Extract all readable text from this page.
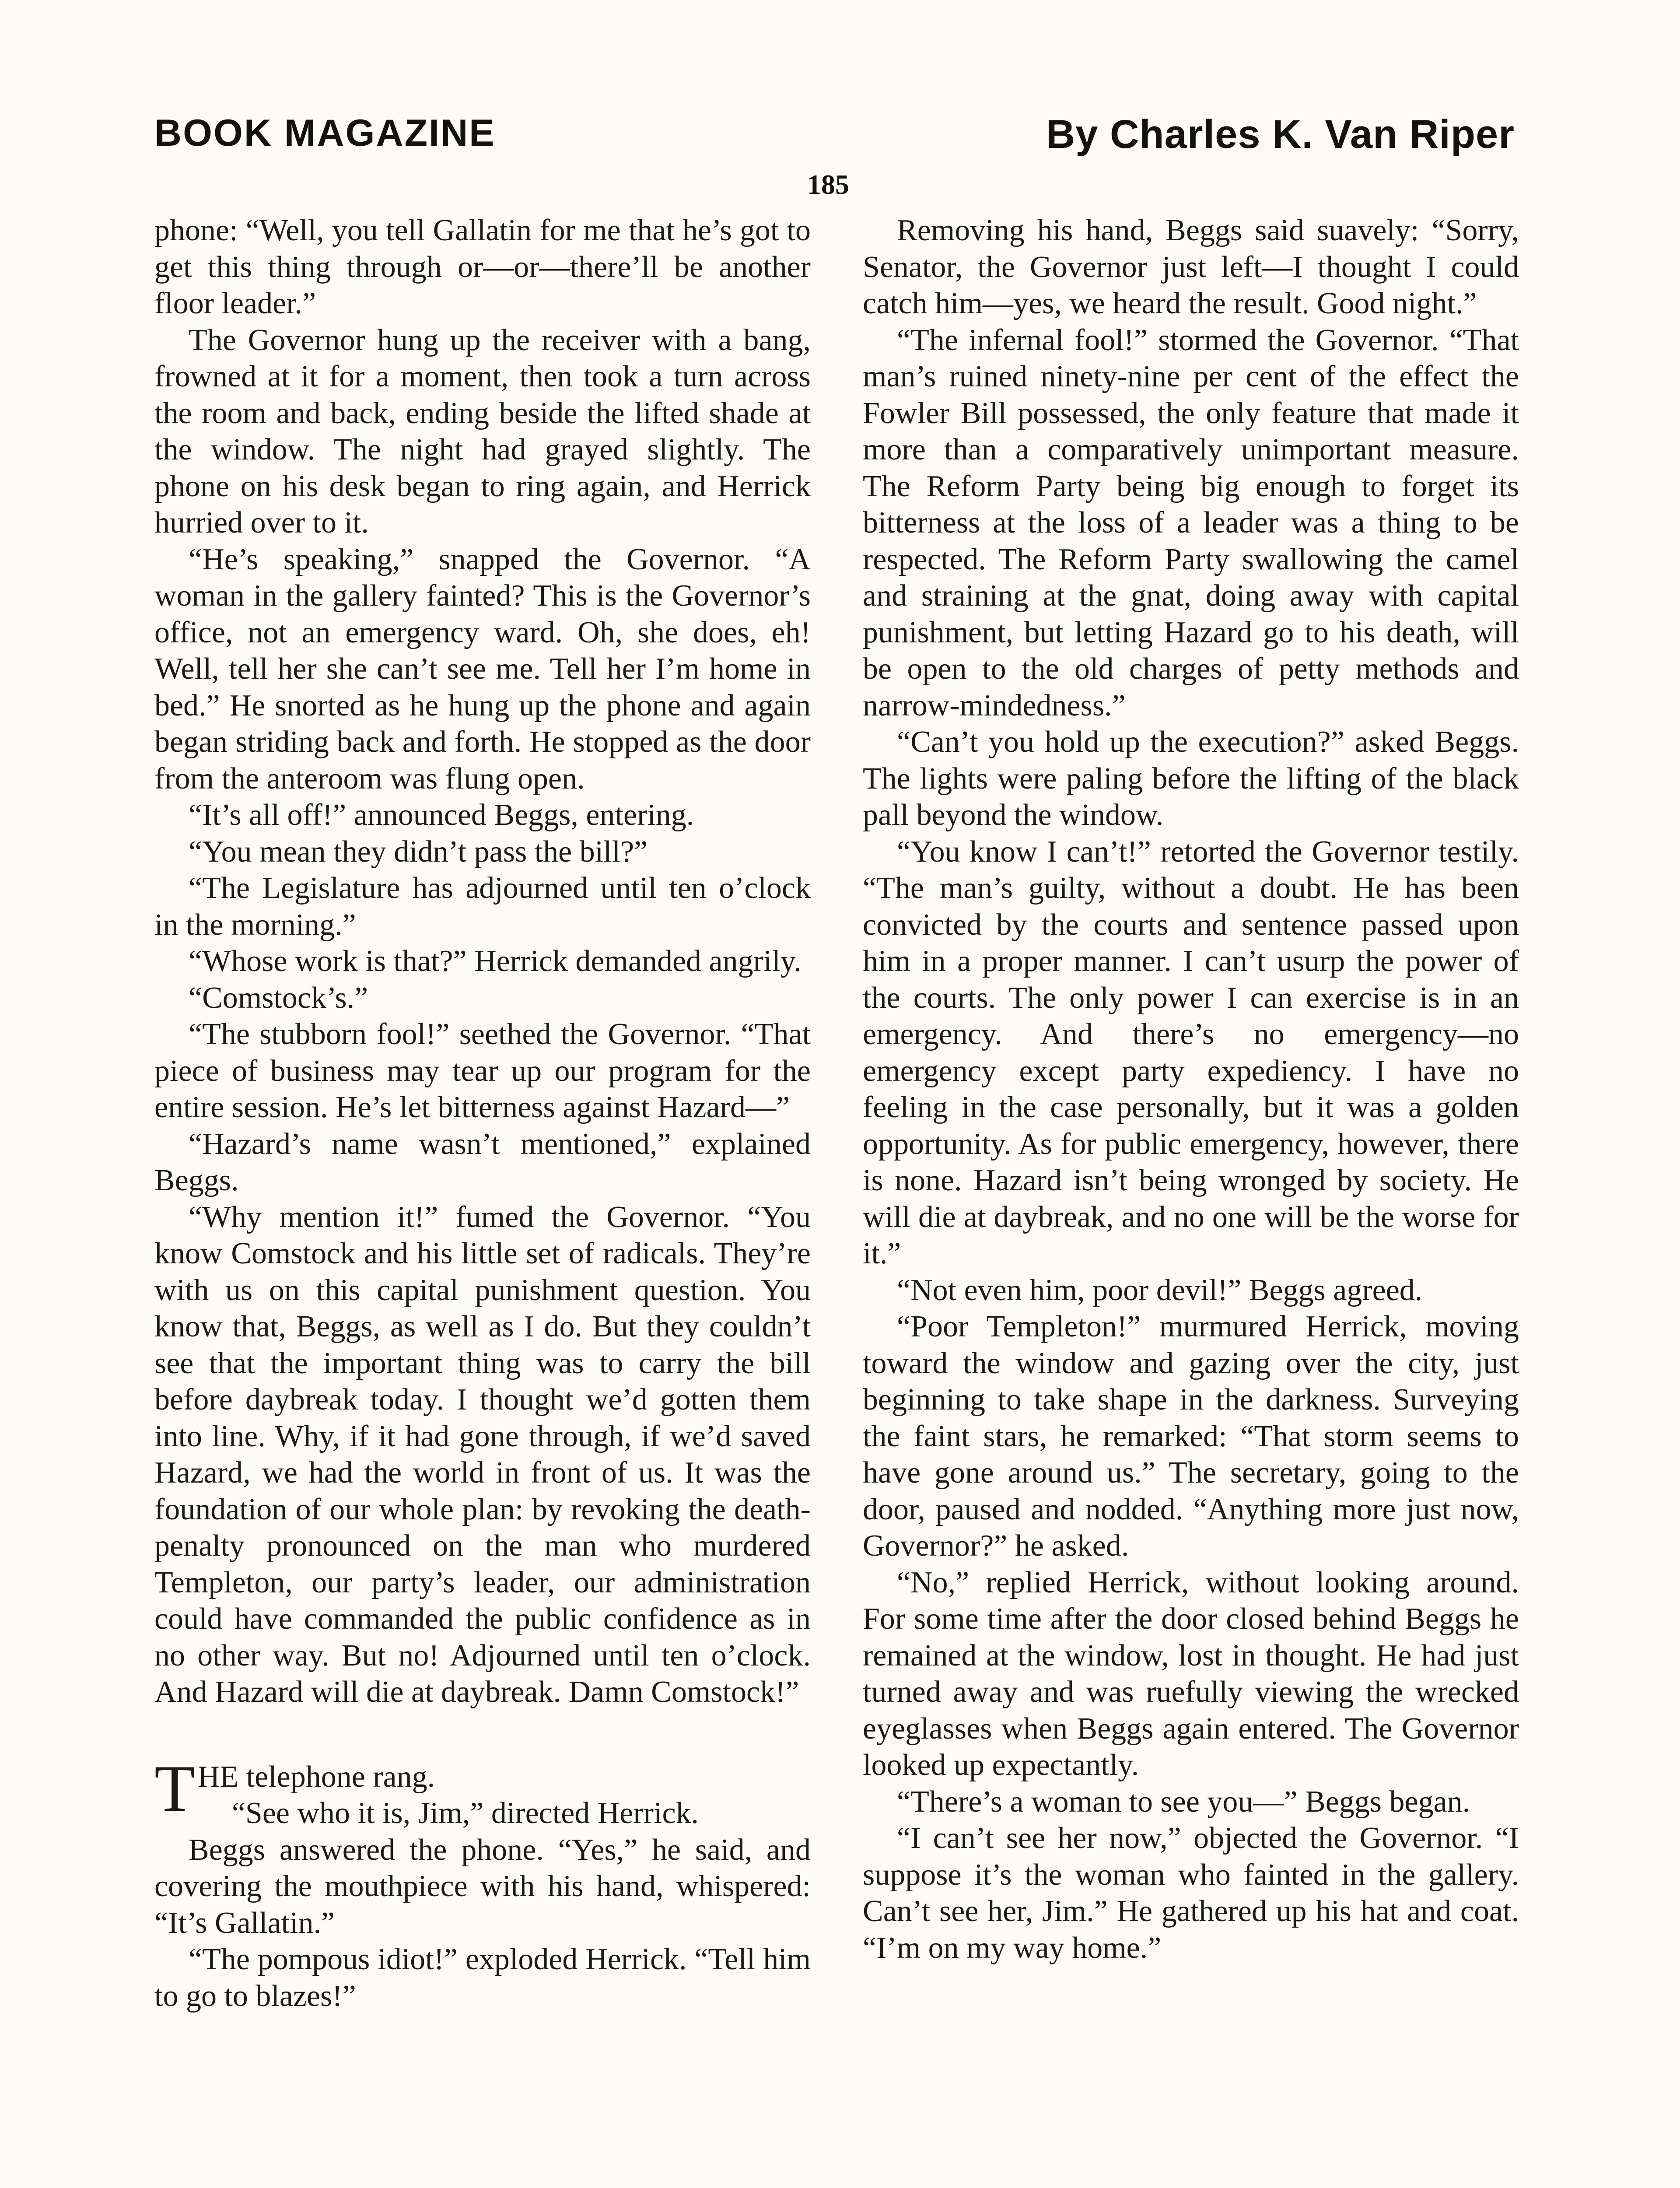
BOOK MAGAZINE	By Charles K. Van Riper
185

phone: “Well, you tell Gallatin for me that he’s got to get this thing through or—or—there’ll be another floor leader.”

The Governor hung up the receiver with a bang, frowned at it for a moment, then took a turn across the room and back, ending beside the lifted shade at the window. The night had grayed slightly. The phone on his desk began to ring again, and Herrick hurried over to it.

“He’s speaking,” snapped the Governor. “A woman in the gallery fainted? This is the Governor’s office, not an emergency ward. Oh, she does, eh! Well, tell her she can’t see me. Tell her I’m home in bed.” He snorted as he hung up the phone and again began striding back and forth. He stopped as the door from the anteroom was flung open.

“It’s all off!” announced Beggs, entering.

“You mean they didn’t pass the bill?”

“The Legislature has adjourned until ten o’clock in the morning.”

“Whose work is that?” Herrick demanded angrily.

“Comstock’s.”

“The stubborn fool!” seethed the Governor. “That piece of business may tear up our program for the entire session. He’s let bitterness against Hazard—”

“Hazard’s name wasn’t mentioned,” explained Beggs.

“Why mention it!” fumed the Governor. “You know Comstock and his little set of radicals. They’re with us on this capital punishment question. You know that, Beggs, as well as I do. But they couldn’t see that the important thing was to carry the bill before daybreak today. I thought we’d gotten them into line. Why, if it had gone through, if we’d saved Hazard, we had the world in front of us. It was the foundation of our whole plan: by revoking the death-penalty pronounced on the man who murdered Templeton, our party’s leader, our administration could have commanded the public confidence as in no other way. But no! Adjourned until ten o’clock. And Hazard will die at daybreak. Damn Comstock!”

THE telephone rang.

“See who it is, Jim,” directed Herrick.

Beggs answered the phone. “Yes,” he said, and covering the mouthpiece with his hand, whispered: “It’s Gallatin.”

“The pompous idiot!” exploded Herrick. “Tell him to go to blazes!”

Removing his hand, Beggs said suavely: “Sorry, Senator, the Governor just left—I thought I could catch him—yes, we heard the result. Good night.”

“The infernal fool!” stormed the Governor. “That man’s ruined ninety-nine per cent of the effect the Fowler Bill possessed, the only feature that made it more than a comparatively unimportant measure. The Reform Party being big enough to forget its bitterness at the loss of a leader was a thing to be respected. The Reform Party swallowing the camel and straining at the gnat, doing away with capital punishment, but letting Hazard go to his death, will be open to the old charges of petty methods and narrow-mindedness.”

“Can’t you hold up the execution?” asked Beggs. The lights were paling before the lifting of the black pall beyond the window.

“You know I can’t!” retorted the Governor testily. “The man’s guilty, without a doubt. He has been convicted by the courts and sentence passed upon him in a proper manner. I can’t usurp the power of the courts. The only power I can exercise is in an emergency. And there’s no emergency—no emergency except party expediency. I have no feeling in the case personally, but it was a golden opportunity. As for public emergency, however, there is none. Hazard isn’t being wronged by society. He will die at daybreak, and no one will be the worse for it.”

“Not even him, poor devil!” Beggs agreed.

“Poor Templeton!” murmured Herrick, moving toward the window and gazing over the city, just beginning to take shape in the darkness. Surveying the faint stars, he remarked: “That storm seems to have gone around us.” The secretary, going to the door, paused and nodded. “Anything more just now, Governor?” he asked.

“No,” replied Herrick, without looking around. For some time after the door closed behind Beggs he remained at the window, lost in thought. He had just turned away and was ruefully viewing the wrecked eyeglasses when Beggs again entered. The Governor looked up expectantly.

“There’s a woman to see you—” Beggs began.

“I can’t see her now,” objected the Governor. “I suppose it’s the woman who fainted in the gallery. Can’t see her, Jim.” He gathered up his hat and coat. “I’m on my way home.”
